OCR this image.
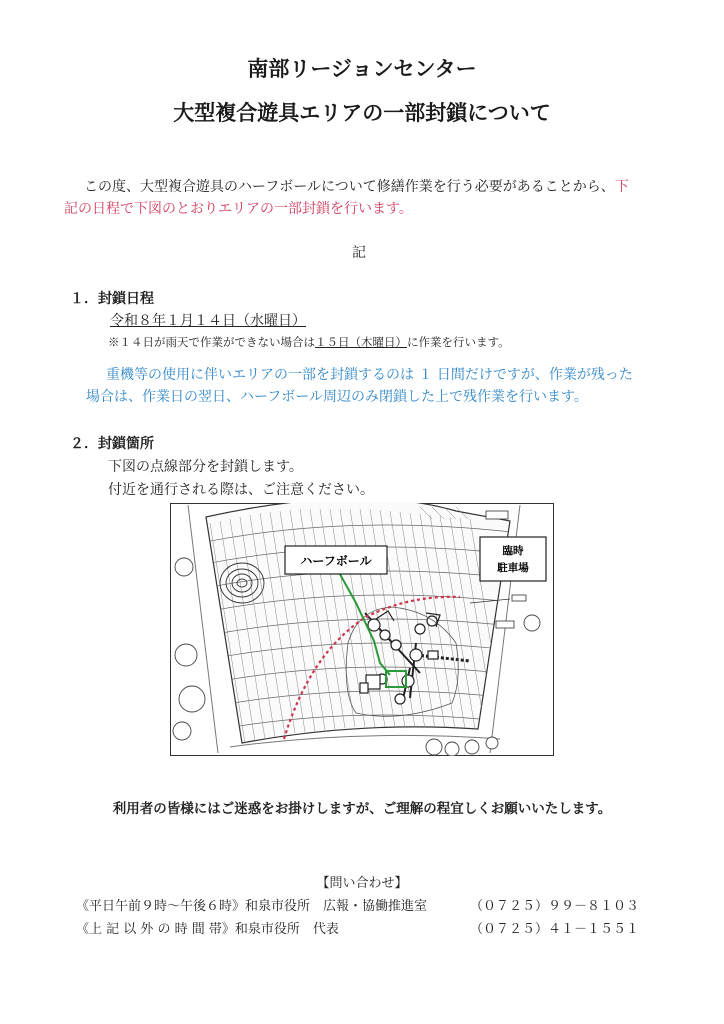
南部リージョンセンター
大型複合遊具エリアの一部封鎖について
この度、大型複合遊具のハーフボールについて修繕作業を行う必要があることから、下
記の日程で下図のとおりエリアの一部封鎖を行います。
記
１．封鎖日程
令和８年１月１４日（水曜日）
※１４日が雨天で作業ができない場合は１５日（木曜日）に作業を行います。
重機等の使用に伴いエリアの一部を封鎖するのは １ 日間だけですが、作業が残った
場合は、作業日の翌日、ハーフボール周辺のみ閉鎖した上で残作業を行います。
２．封鎖箇所
下図の点線部分を封鎖します。
付近を通行される際は、ご注意ください。
ハーフボール
臨時
駐車場
利用者の皆様にはご迷惑をお掛けしますが、ご理解の程宜しくお願いいたします。
【問い合わせ】
《平日午前９時～午後６時》和泉市役所　広報・協働推進室	（０７２５）９９－８１０３
《上 記 以 外 の 時 間 帯》和泉市役所　代表	（０７２５）４１－１５５１
